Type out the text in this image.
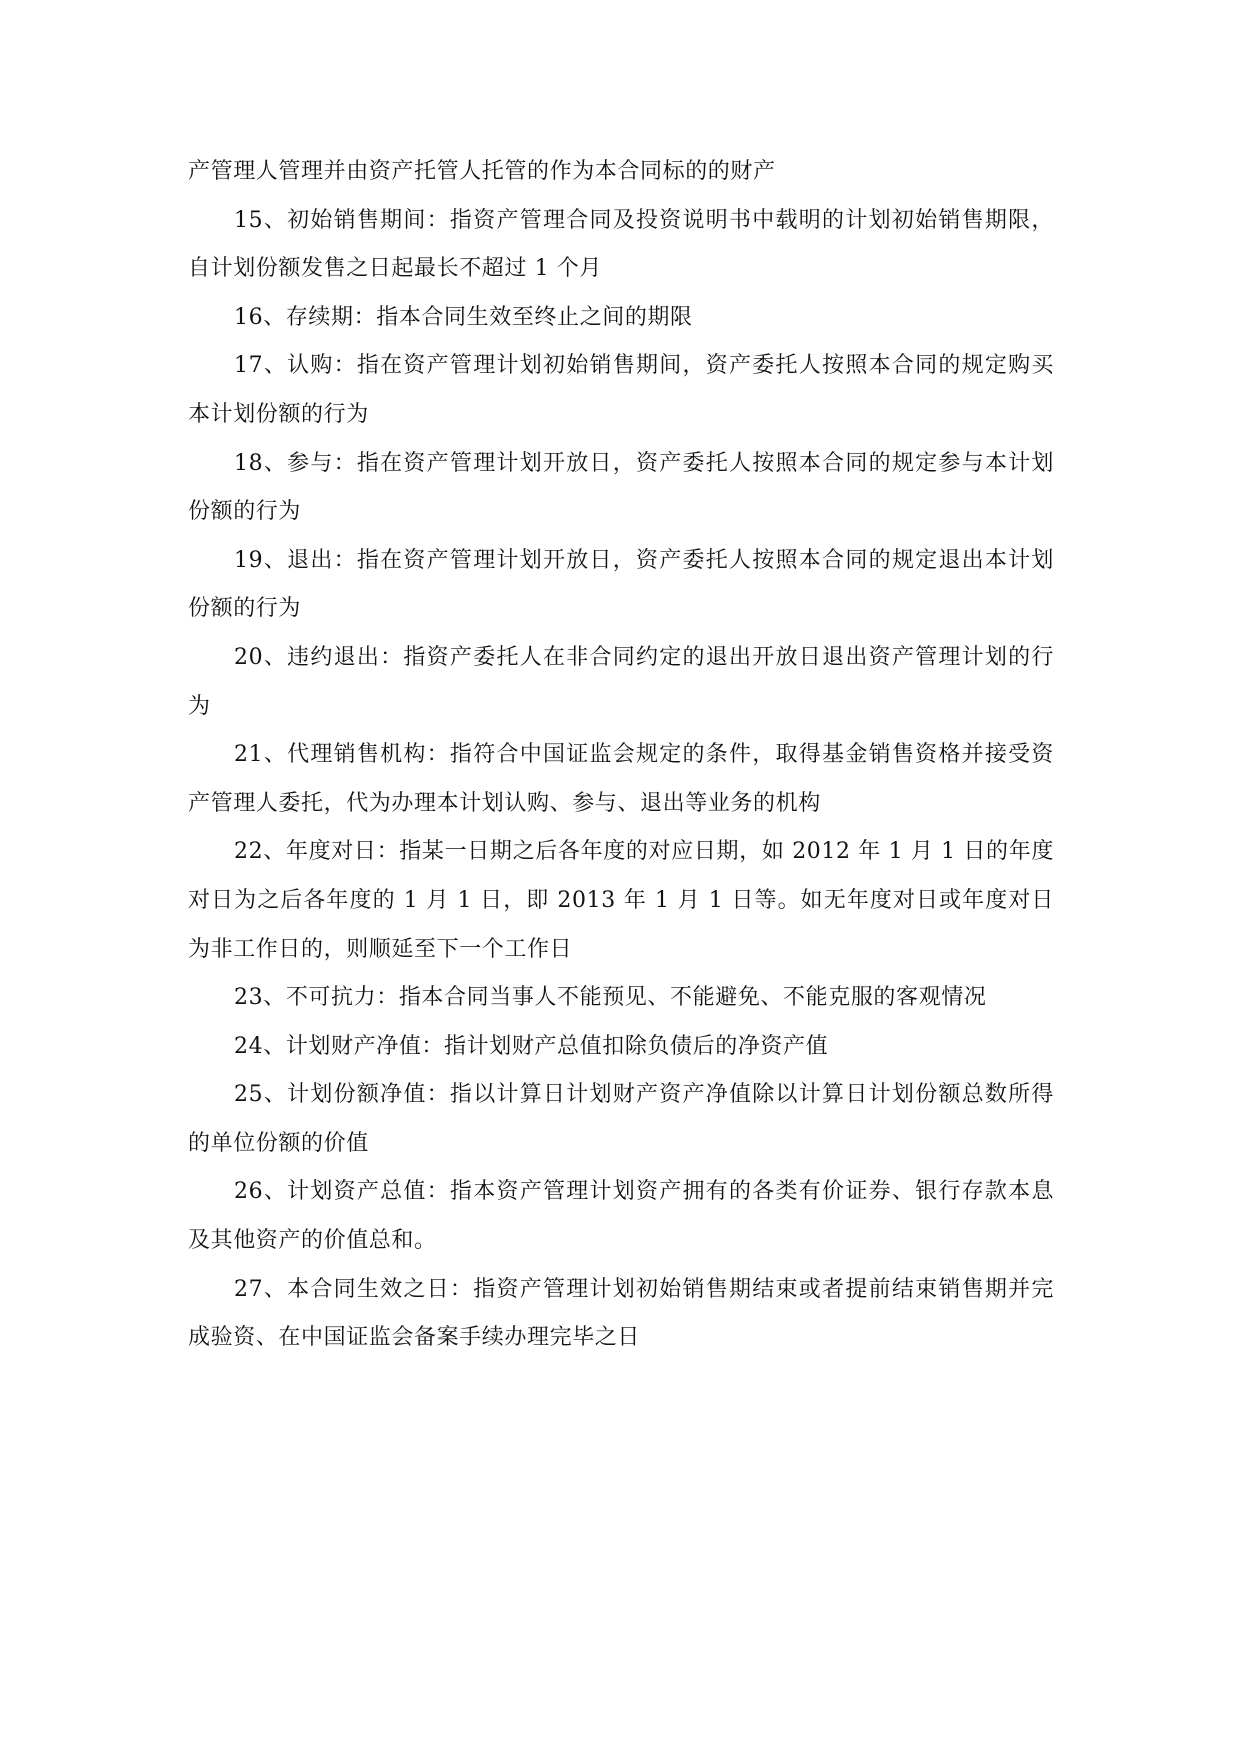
产管理人管理并由资产托管人托管的作为本合同标的的财产

15、初始销售期间：指资产管理合同及投资说明书中载明的计划初始销售期限，自计划份额发售之日起最长不超过 1 个月

16、存续期：指本合同生效至终止之间的期限

17、认购：指在资产管理计划初始销售期间，资产委托人按照本合同的规定购买本计划份额的行为

18、参与：指在资产管理计划开放日，资产委托人按照本合同的规定参与本计划份额的行为

19、退出：指在资产管理计划开放日，资产委托人按照本合同的规定退出本计划份额的行为

20、违约退出：指资产委托人在非合同约定的退出开放日退出资产管理计划的行为

21、代理销售机构：指符合中国证监会规定的条件，取得基金销售资格并接受资产管理人委托，代为办理本计划认购、参与、退出等业务的机构

22、年度对日：指某一日期之后各年度的对应日期，如 2012 年 1 月 1 日的年度对日为之后各年度的 1 月 1 日，即 2013 年 1 月 1 日等。如无年度对日或年度对日为非工作日的，则顺延至下一个工作日

23、不可抗力：指本合同当事人不能预见、不能避免、不能克服的客观情况

24、计划财产净值：指计划财产总值扣除负债后的净资产值

25、计划份额净值：指以计算日计划财产资产净值除以计算日计划份额总数所得的单位份额的价值

26、计划资产总值：指本资产管理计划资产拥有的各类有价证券、银行存款本息及其他资产的价值总和。

27、本合同生效之日：指资产管理计划初始销售期结束或者提前结束销售期并完成验资、在中国证监会备案手续办理完毕之日
